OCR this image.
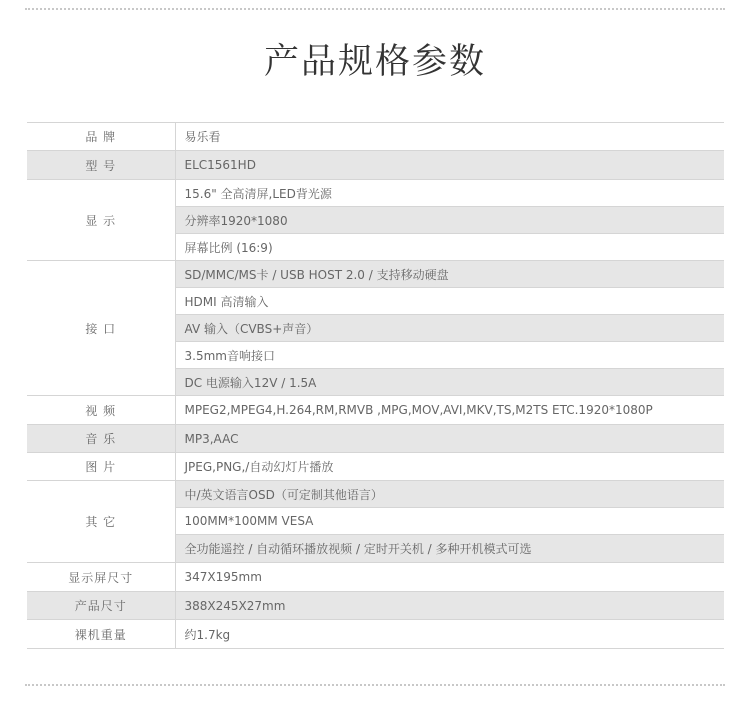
产品规格参数
品 牌	易乐看
型 号	ELC1561HD
显 示	15.6" 全高清屏,LED背光源
	分辨率1920*1080
	屏幕比例 (16:9)
接 口	SD/MMC/MS卡 / USB HOST 2.0 / 支持移动硬盘
	HDMI 高清输入
	AV 输入（CVBS+声音）
	3.5mm音响接口
	DC 电源输入12V / 1.5A
视 频	MPEG2,MPEG4,H.264,RM,RMVB ,MPG,MOV,AVI,MKV,TS,M2TS ETC.1920*1080P
音 乐	MP3,AAC
图 片	JPEG,PNG,/自动幻灯片播放
其 它	中/英文语言OSD（可定制其他语言）
	100MM*100MM VESA
	全功能遥控 / 自动循环播放视频 / 定时开关机 / 多种开机模式可选
显示屏尺寸	347X195mm
产品尺寸	388X245X27mm
裸机重量	约1.7kg
